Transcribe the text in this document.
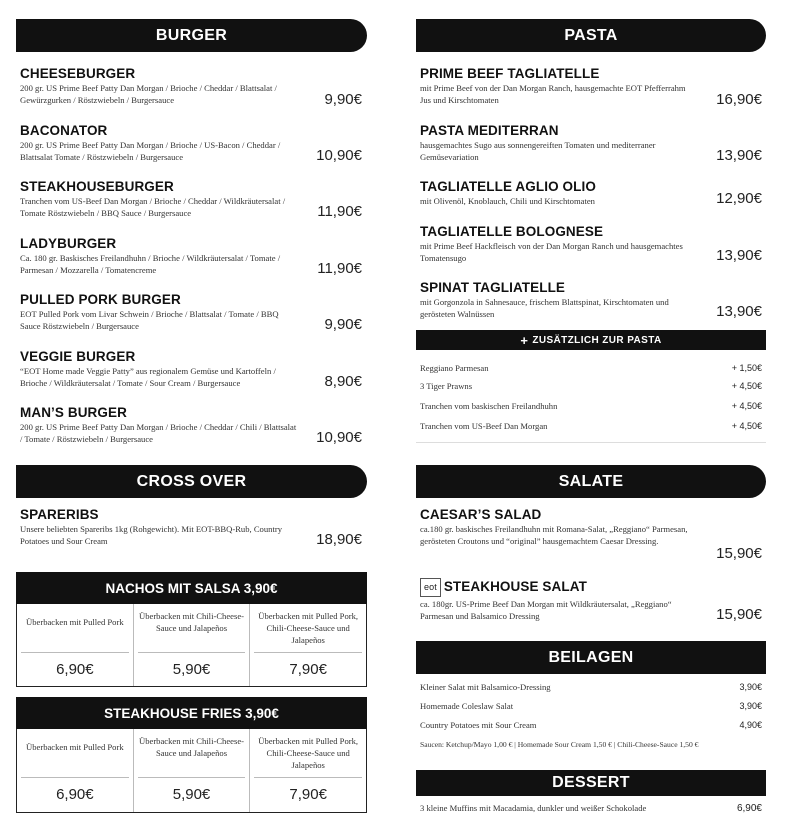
BURGER
CHEESEBURGER
200 gr. US Prime Beef Patty Dan Morgan / Brioche / Cheddar / Blattsalat / Gewürzgurken / Röstzwiebeln / Burgersauce	9,90€
BACONATOR
200 gr. US Prime Beef Patty Dan Morgan / Brioche / US-Bacon / Cheddar / Blattsalat Tomate / Röstzwiebeln / Burgersauce	10,90€
STEAKHOUSEBURGER
Tranchen vom US-Beef Dan Morgan / Brioche / Cheddar / Wildkräutersalat / Tomate Röstzwiebeln / BBQ Sauce / Burgersauce	11,90€
LADYBURGER
Ca. 180 gr. Baskisches Freilandhuhn / Brioche / Wildkräutersalat / Tomate / Parmesan / Mozzarella / Tomatencreme	11,90€
PULLED PORK BURGER
EOT Pulled Pork vom Livar Schwein / Brioche / Blattsalat / Tomate / BBQ Sauce Röstzwiebeln / Burgersauce	9,90€
VEGGIE BURGER
“EOT Home made Veggie Patty” aus regionalem Gemüse und Kartoffeln / Brioche / Wildkräutersalat / Tomate / Sour Cream / Burgersauce	8,90€
MAN’S BURGER
200 gr. US Prime Beef Patty Dan Morgan / Brioche / Cheddar / Chili / Blattsalat / Tomate / Röstzwiebeln / Burgersauce	10,90€
CROSS OVER
SPARERIBS
Unsere beliebten Spareribs 1kg (Rohgewicht). Mit EOT-BBQ-Rub, Country Potatoes und Sour Cream	18,90€
NACHOS MIT SALSA 3,90€
Überbacken mit Pulled Pork
6,90€
Überbacken mit Chili-Cheese-Sauce und Jalapeños
5,90€
Überbacken mit Pulled Pork, Chili-Cheese-Sauce und Jalapeños
7,90€
STEAKHOUSE FRIES 3,90€
Überbacken mit Pulled Pork
6,90€
Überbacken mit Chili-Cheese-Sauce und Jalapeños
5,90€
Überbacken mit Pulled Pork, Chili-Cheese-Sauce und Jalapeños
7,90€
PASTA
PRIME BEEF TAGLIATELLE
mit Prime Beef von der Dan Morgan Ranch, hausgemachte EOT Pfefferrahm Jus und Kirschtomaten	16,90€
PASTA MEDITERRAN
hausgemachtes Sugo aus sonnengereiften Tomaten und mediterraner Gemüsevariation	13,90€
TAGLIATELLE AGLIO OLIO
mit Olivenöl, Knoblauch, Chili und Kirschtomaten	12,90€
TAGLIATELLE BOLOGNESE
mit Prime Beef Hackfleisch von der Dan Morgan Ranch und hausgemachtes Tomatensugo	13,90€
SPINAT TAGLIATELLE
mit Gorgonzola in Sahnesauce, frischem Blattspinat, Kirschtomaten und gerösteten Walnüssen	13,90€
+ ZUSÄTZLICH ZUR PASTA
Reggiano Parmesan	+ 1,50€
3 Tiger Prawns	+ 4,50€
Tranchen vom baskischen Freilandhuhn	+ 4,50€
Tranchen vom US-Beef Dan Morgan	+ 4,50€
SALATE
CAESAR’S SALAD
ca.180 gr. baskisches Freilandhuhn mit Romana-Salat, „Reggiano“ Parmesan, gerösteten Croutons und “original” hausgemachtem Caesar Dressing.
15,90€
eot STEAKHOUSE SALAT
ca. 180gr. US-Prime Beef Dan Morgan mit Wildkräutersalat, „Reggiano“ Parmesan und Balsamico Dressing	15,90€
BEILAGEN
Kleiner Salat mit Balsamico-Dressing	3,90€
Homemade Coleslaw Salat	3,90€
Country Potatoes mit Sour Cream	4,90€
Saucen: Ketchup/Mayo 1,00 € | Homemade Sour Cream 1,50 € | Chili-Cheese-Sauce 1,50 €
DESSERT
3 kleine Muffins mit Macadamia, dunkler und weißer Schokolade	6,90€
